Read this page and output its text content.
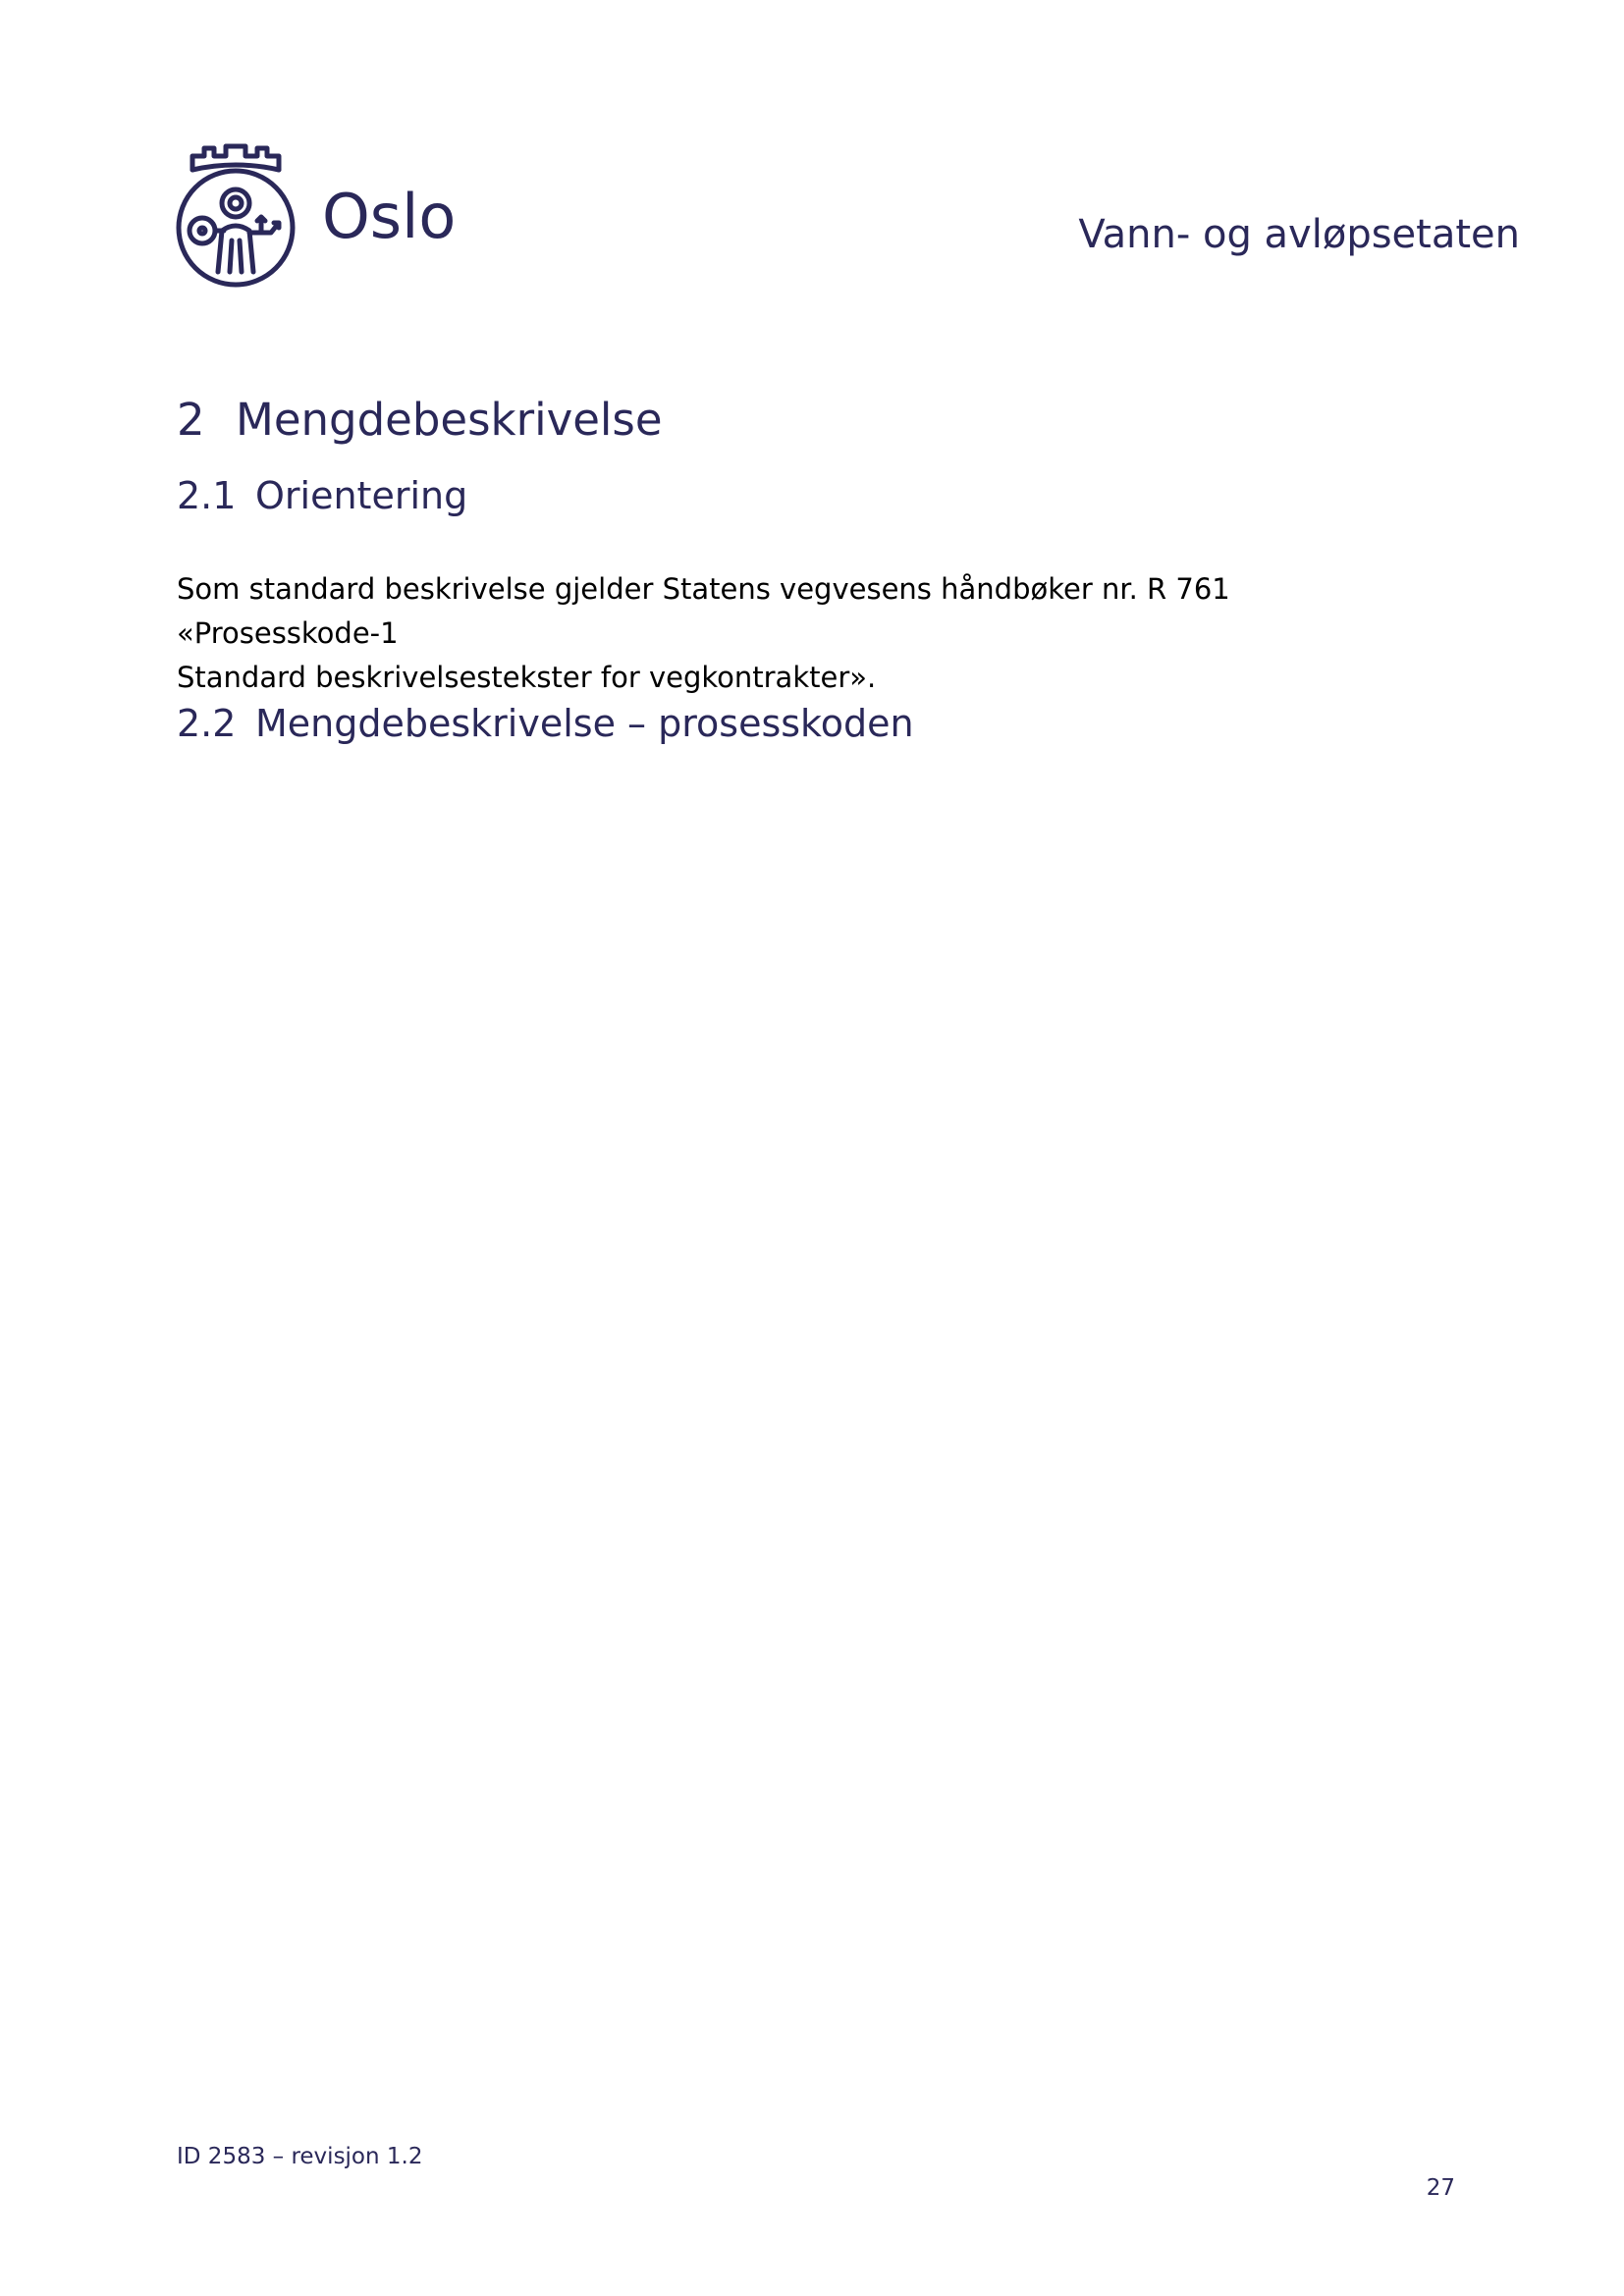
Oslo	Vann- og avløpsetaten
2 Mengdebeskrivelse
2.1 Orientering

Som standard beskrivelse gjelder Statens vegvesens håndbøker nr. R 761 «Prosesskode-1

Standard beskrivelsestekster for vegkontrakter».

2.2 Mengdebeskrivelse – prosesskoden
ID 2583 – revisjon 1.2
27
